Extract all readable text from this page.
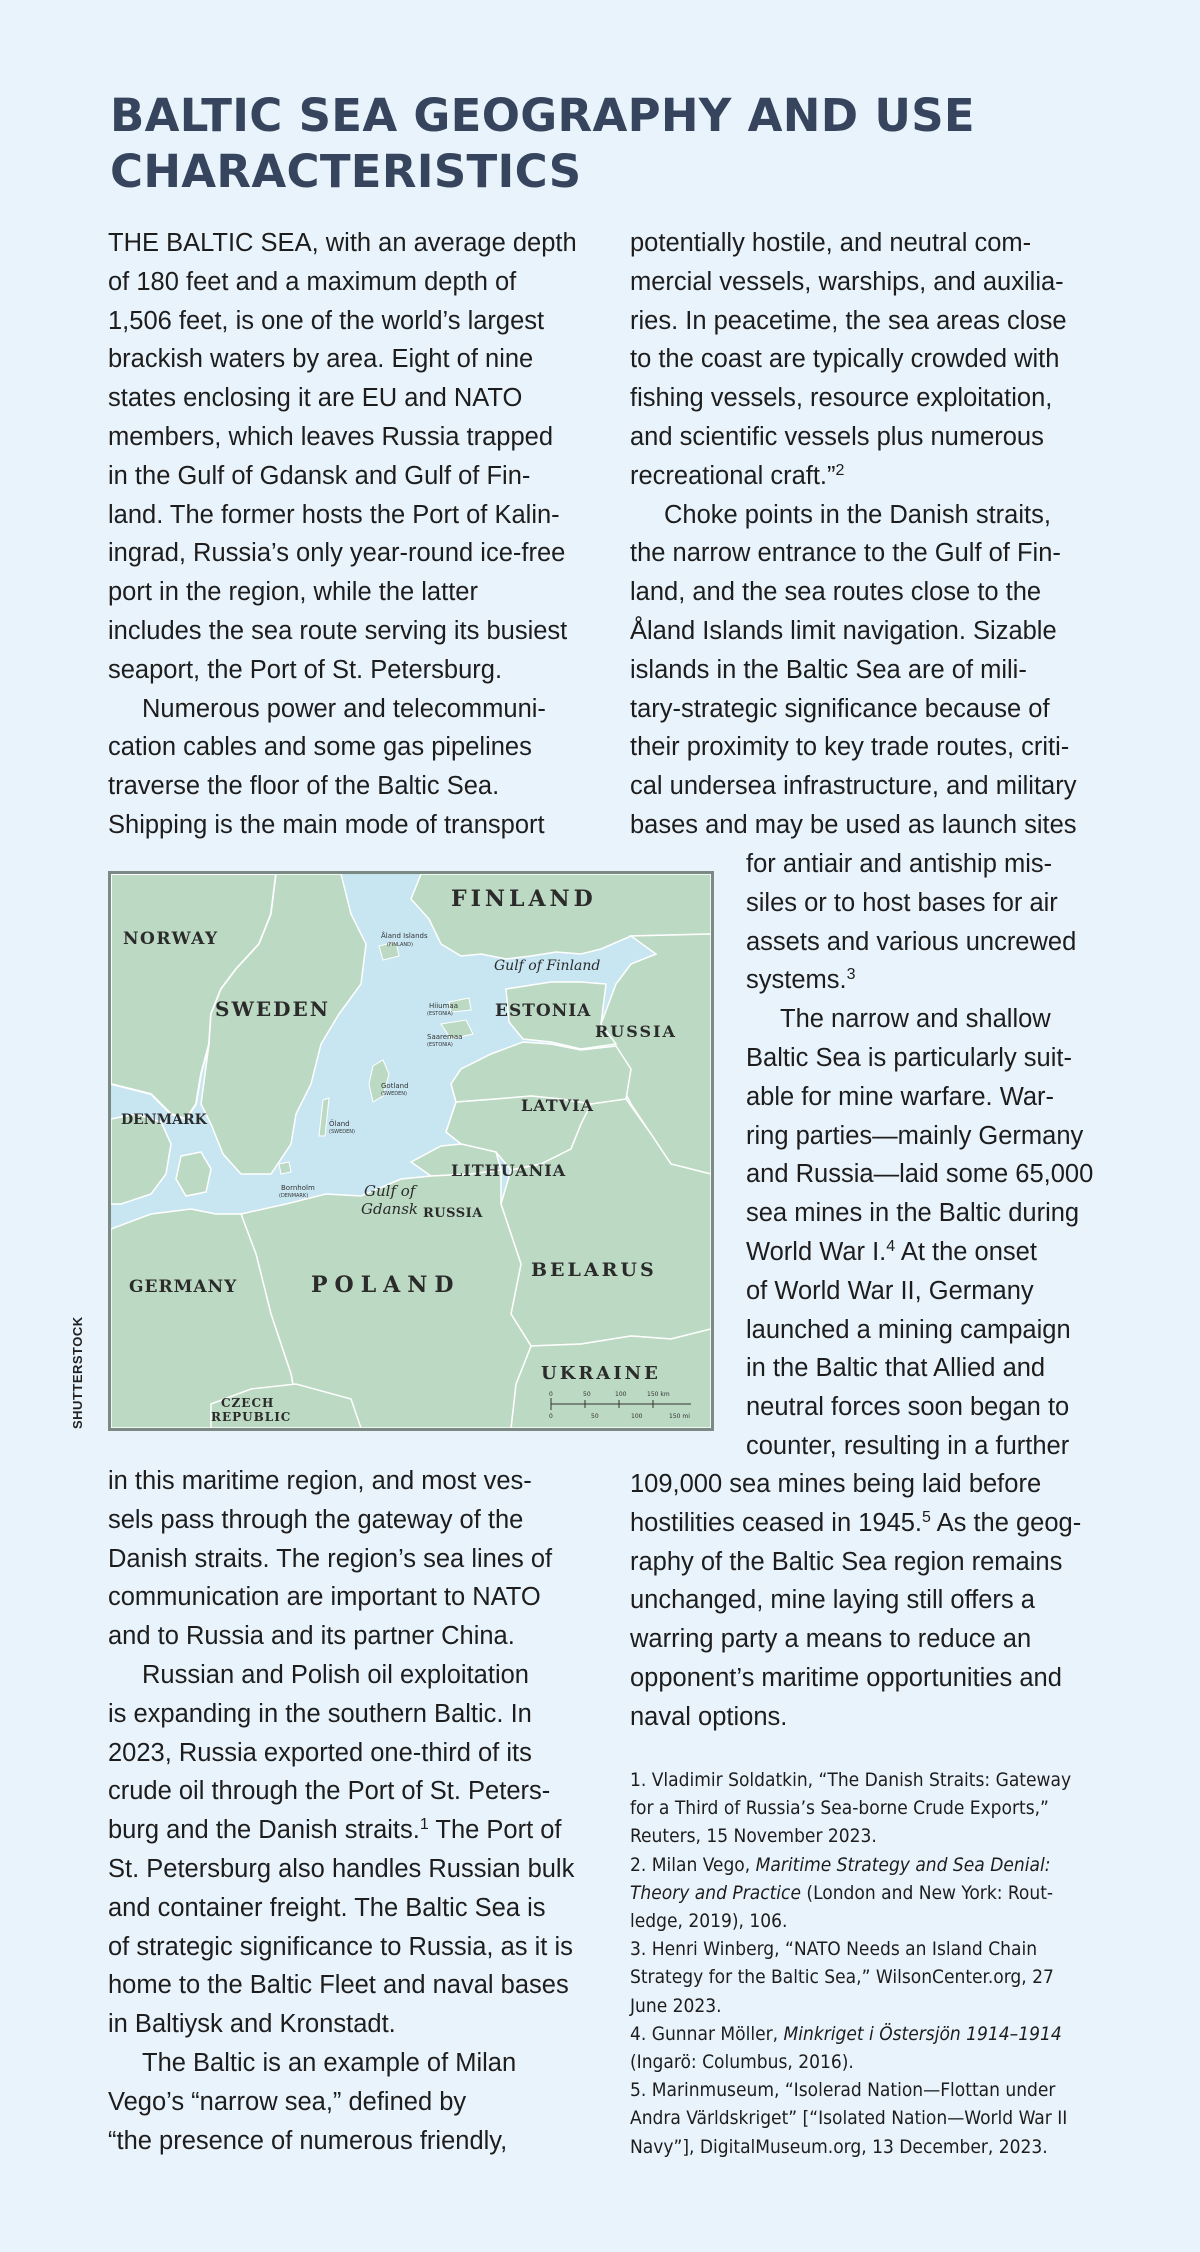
BALTIC SEA GEOGRAPHY AND USE CHARACTERISTICS

THE BALTIC SEA, with an average depth
of 180 feet and a maximum depth of
1,506 feet, is one of the world’s largest
brackish waters by area. Eight of nine
states enclosing it are EU and NATO
members, which leaves Russia trapped
in the Gulf of Gdansk and Gulf of Fin-
land. The former hosts the Port of Kalin-
ingrad, Russia’s only year-round ice-free
port in the region, while the latter
includes the sea route serving its busiest
seaport, the Port of St. Petersburg.

Numerous power and telecommuni-
cation cables and some gas pipelines
traverse the floor of the Baltic Sea.
Shipping is the main mode of transport

potentially hostile, and neutral com-
mercial vessels, warships, and auxilia-
ries. In peacetime, the sea areas close
to the coast are typically crowded with
fishing vessels, resource exploitation,
and scientific vessels plus numerous
recreational craft.”$^2$

Choke points in the Danish straits,
the narrow entrance to the Gulf of Fin-
land, and the sea routes close to the
Åland Islands limit navigation. Sizable
islands in the Baltic Sea are of mili-
tary-strategic significance because of
their proximity to key trade routes, criti-
cal undersea infrastructure, and military
bases and may be used as launch sites

for antiair and antiship mis-
siles or to host bases for air
assets and various uncrewed
systems.$^3$

The narrow and shallow
Baltic Sea is particularly suit-
able for mine warfare. War-
ring parties—mainly Germany
and Russia—laid some 65,000
sea mines in the Baltic during
World War I.$^4$ At the onset
of World War II, Germany
launched a mining campaign
in the Baltic that Allied and
neutral forces soon began to
counter, resulting in a further

109,000 sea mines being laid before
hostilities ceased in 1945.$^5$ As the geog-
raphy of the Baltic Sea region remains
unchanged, mine laying still offers a
warring party a means to reduce an
opponent’s maritime opportunities and
naval options.

in this maritime region, and most ves-
sels pass through the gateway of the
Danish straits. The region’s sea lines of
communication are important to NATO
and to Russia and its partner China.

Russian and Polish oil exploitation
is expanding in the southern Baltic. In
2023, Russia exported one-third of its
crude oil through the Port of St. Peters-
burg and the Danish straits.$^1$ The Port of
St. Petersburg also handles Russian bulk
and container freight. The Baltic Sea is
of strategic significance to Russia, as it is
home to the Baltic Fleet and naval bases
in Baltiysk and Kronstadt.

The Baltic is an example of Milan
Vego’s “narrow sea,” defined by
“the presence of numerous friendly,

1. Vladimir Soldatkin, “The Danish Straits: Gateway
for a Third of Russia’s Sea-borne Crude Exports,”
Reuters, 15 November 2023.
2. Milan Vego, Maritime Strategy and Sea Denial:
Theory and Practice (London and New York: Rout-
ledge, 2019), 106.
3. Henri Winberg, “NATO Needs an Island Chain
Strategy for the Baltic Sea,” WilsonCenter.org, 27
June 2023.
4. Gunnar Möller, Minkriget i Östersjön 1914–1914
(Ingarö: Columbus, 2016).
5. Marinmuseum, “Isolerad Nation—Flottan under
Andra Världskriget” [“Isolated Nation—World War II
Navy”], DigitalMuseum.org, 13 December, 2023.
FINLAND
NORWAY
SWEDEN	ESTONIA
RUSSIA
LATVIA
DENMARK
LITHUANIA
RUSSIA
GERMANY	POLAND
BELARUS
UKRAINE
CZECH
REPUBLIC
Gulf of Finland
Gulf of
Gdansk
Åland Islands
(FINLAND)
Hiiumaa
(ESTONIA)
Saaremaa
(ESTONIA)
Gotland
(SWEDEN)
Öland
(SWEDEN)
Bornholm
(DENMARK)
0	50	100	150 km
0	50	100	150 mi
SHUTTERSTOCK
